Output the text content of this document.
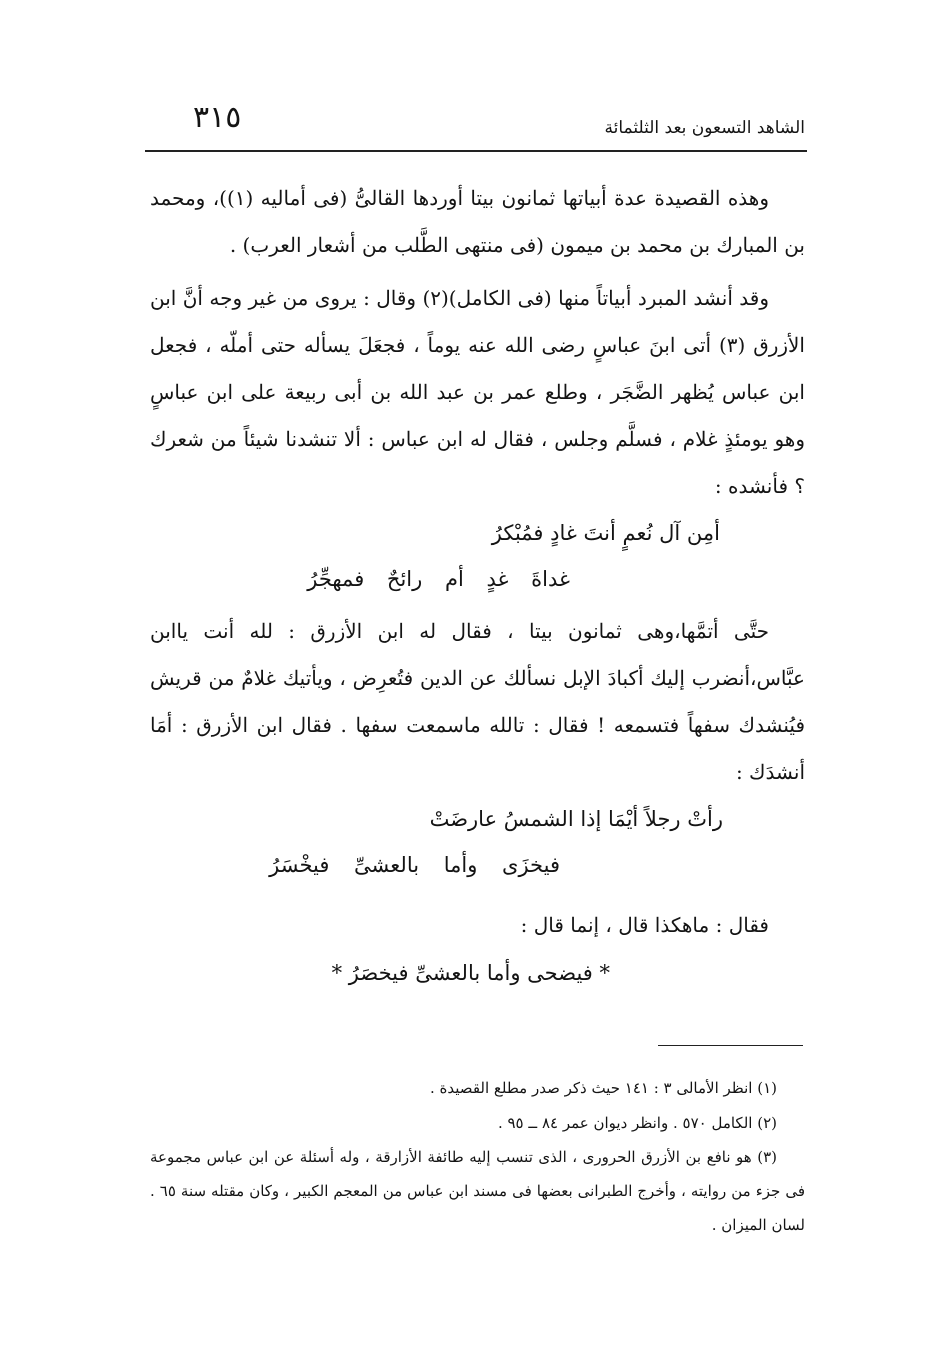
الشاهد التسعون بعد الثلثمائة
٣١٥

وهذه القصيدة عدة أبياتها ثمانون بيتا أوردها القالىُّ (فى أماليه (١))، ومحمد بن المبارك بن محمد بن ميمون (فى منتهى الطَّلب من أشعار العرب) .

وقد أنشد المبرد أبياتاً منها (فى الكامل)(٢) وقال : يروى من غير وجه أنَّ ابن الأزرق (٣) أتى ابنَ عباسٍ رضى الله عنه يوماً ، فجعَلَ يسأله حتى أملّه ، فجعل ابن عباس يُظهر الضَّجَر ، وطلع عمر بن عبد الله بن أبى ربيعة على ابن عباسٍ وهو يومئذٍ غلام ، فسلَّم وجلس ، فقال له ابن عباس : ألا تنشدنا شيئاً من شعرك ؟ فأنشده :

أمِن آل نُعمٍ أنتَ غادٍ فمُبْكرُ

غداةَ غدٍ أم رائحٌ فمهجِّرُ

حتَّى أتمَّها،وهى ثمانون بيتا ، فقال له ابن الأزرق : لله أنت ياابن عبَّاس،أنضرب إليك أكبادَ الإبل نسألك عن الدين فتُعرِض ، ويأتيك غلامٌ من قريش فيُنشدك سفهاً فتسمعه ! فقال : تالله ماسمعت سفها . فقال ابن الأزرق : أمَا أنشدَك :

رأتْ رجلاً أيْمَا إذا الشمسُ عارضَتْ

فيخزَى وأما بالعشىِّ فيخْسَرُ

فقال : ماهكذا قال ، إنما قال :

* فيضحى وأما بالعشىِّ فيخصَرُ *

(١) انظر الأمالى ٣ : ١٤١ حيث ذكر صدر مطلع القصيدة .

(٢) الكامل ٥٧٠ . وانظر ديوان عمر ٨٤ ــ ٩٥ .

(٣) هو نافع بن الأزرق الحرورى ، الذى تنسب إليه طائفة الأزارقة ، وله أسئلة عن ابن عباس مجموعة فى جزء من روايته ، وأخرج الطبرانى بعضها فى مسند ابن عباس من المعجم الكبير ، وكان مقتله سنة ٦٥ . لسان الميزان .
